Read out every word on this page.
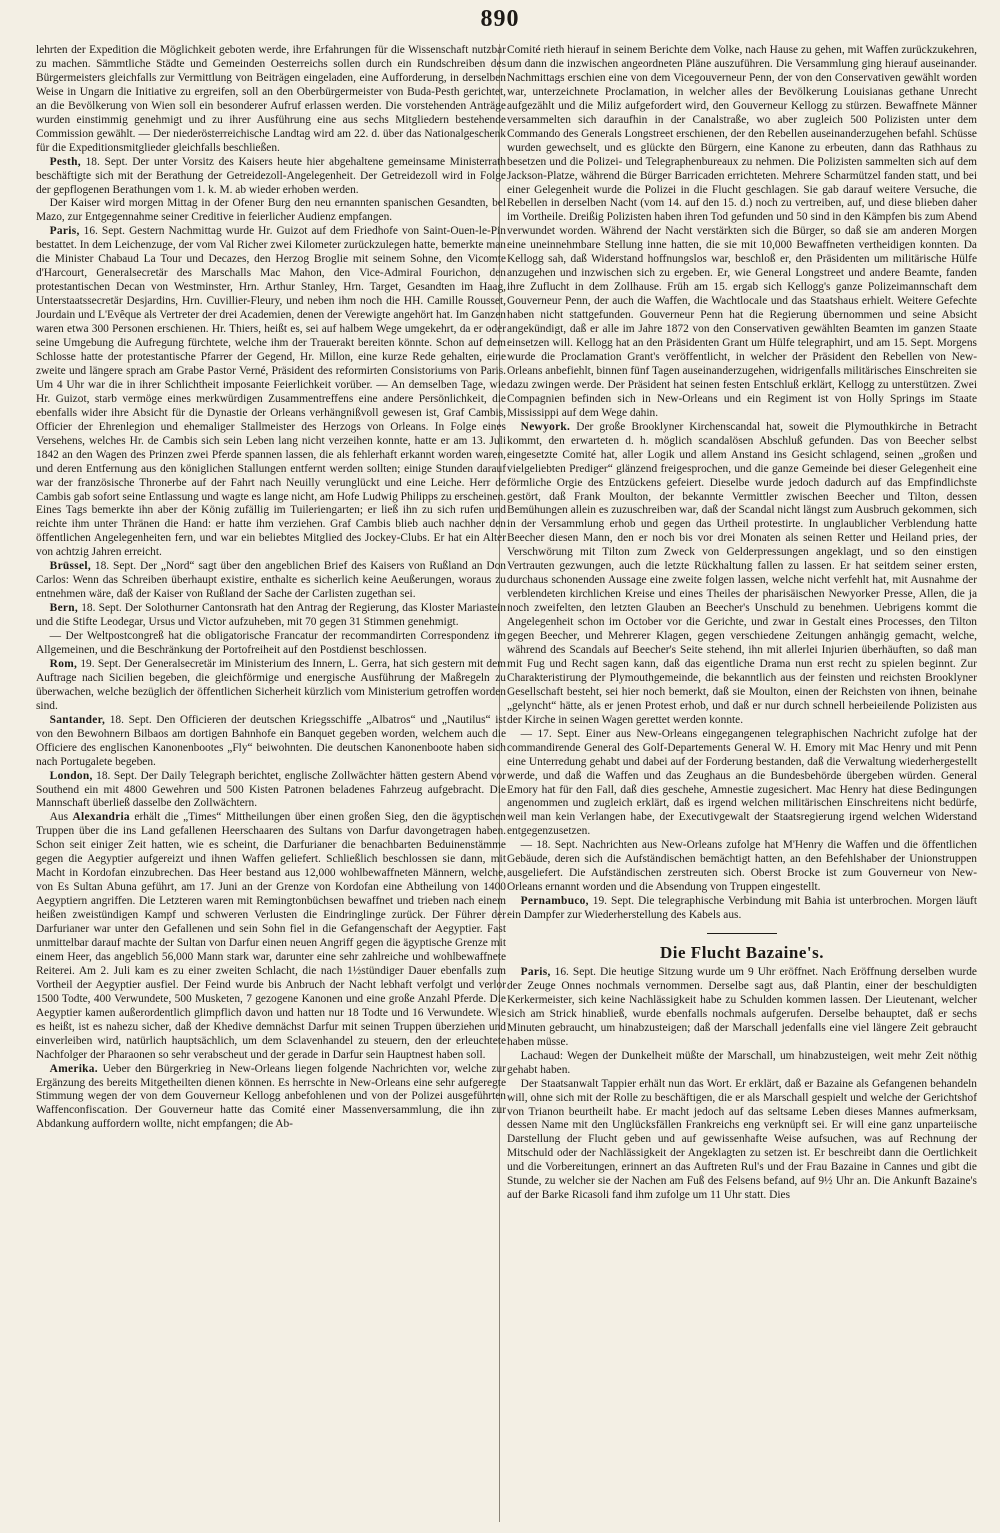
890

lehrten der Expedition die Möglichkeit geboten werde, ihre Erfahrungen für die Wissenschaft nutzbar zu machen. Sämmtliche Städte und Gemeinden Oesterreichs sollen durch ein Rundschreiben des Bürgermeisters gleichfalls zur Vermittlung von Beiträgen eingeladen, eine Aufforderung, in derselben Weise in Ungarn die Initiative zu ergreifen, soll an den Oberbürgermeister von Buda-Pesth gerichtet, an die Bevölkerung von Wien soll ein besonderer Aufruf erlassen werden. Die vorstehenden Anträge wurden einstimmig genehmigt und zu ihrer Ausführung eine aus sechs Mitgliedern bestehende Commission gewählt. — Der niederösterreichische Landtag wird am 22. d. über das Nationalgeschenk für die Expeditionsmitglieder gleichfalls beschließen.

Pesth, 18. Sept. Der unter Vorsitz des Kaisers heute hier abgehaltene gemeinsame Ministerrath beschäftigte sich mit der Berathung der Getreidezoll-Angelegenheit. Der Getreidezoll wird in Folge der gepflogenen Berathungen vom 1. k. M. ab wieder erhoben werden.

Der Kaiser wird morgen Mittag in der Ofener Burg den neu ernannten spanischen Gesandten, bel Mazo, zur Entgegennahme seiner Creditive in feierlicher Audienz empfangen.

Paris, 16. Sept. Gestern Nachmittag wurde Hr. Guizot auf dem Friedhofe von Saint-Ouen-le-Pin bestattet. In dem Leichenzuge, der vom Val Richer zwei Kilometer zurückzulegen hatte, bemerkte man die Minister Chabaud La Tour und Decazes, den Herzog Broglie mit seinem Sohne, den Vicomte d'Harcourt, Generalsecretär des Marschalls Mac Mahon, den Vice-Admiral Fourichon, den protestantischen Decan von Westminster, Hrn. Arthur Stanley, Hrn. Target, Gesandten im Haag, Unterstaatssecretär Desjardins, Hrn. Cuvillier-Fleury, und neben ihm noch die HH. Camille Rousset, Jourdain und L'Evêque als Vertreter der drei Academien, denen der Verewigte angehört hat. Im Ganzen waren etwa 300 Personen erschienen. Hr. Thiers, heißt es, sei auf halbem Wege umgekehrt, da er oder seine Umgebung die Aufregung fürchtete, welche ihm der Trauerakt bereiten könnte. Schon auf dem Schlosse hatte der protestantische Pfarrer der Gegend, Hr. Millon, eine kurze Rede gehalten, eine zweite und längere sprach am Grabe Pastor Verné, Präsident des reformirten Consistoriums von Paris. Um 4 Uhr war die in ihrer Schlichtheit imposante Feierlichkeit vorüber. — An demselben Tage, wie Hr. Guizot, starb vermöge eines merkwürdigen Zusammentreffens eine andere Persönlichkeit, die ebenfalls wider ihre Absicht für die Dynastie der Orleans verhängnißvoll gewesen ist, Graf Cambis, Officier der Ehrenlegion und ehemaliger Stallmeister des Herzogs von Orleans. In Folge eines Versehens, welches Hr. de Cambis sich sein Leben lang nicht verzeihen konnte, hatte er am 13. Juli 1842 an den Wagen des Prinzen zwei Pferde spannen lassen, die als fehlerhaft erkannt worden waren, und deren Entfernung aus den königlichen Stallungen entfernt werden sollten; einige Stunden darauf war der französische Thronerbe auf der Fahrt nach Neuilly verunglückt und eine Leiche. Herr de Cambis gab sofort seine Entlassung und wagte es lange nicht, am Hofe Ludwig Philipps zu erscheinen. Eines Tags bemerkte ihn aber der König zufällig im Tuileriengarten; er ließ ihn zu sich rufen und reichte ihm unter Thränen die Hand: er hatte ihm verziehen. Graf Cambis blieb auch nachher den öffentlichen Angelegenheiten fern, und war ein beliebtes Mitglied des Jockey-Clubs. Er hat ein Alter von achtzig Jahren erreicht.

Brüssel, 18. Sept. Der „Nord“ sagt über den angeblichen Brief des Kaisers von Rußland an Don Carlos: Wenn das Schreiben überhaupt existire, enthalte es sicherlich keine Aeußerungen, woraus zu entnehmen wäre, daß der Kaiser von Rußland der Sache der Carlisten zugethan sei.

Bern, 18. Sept. Der Solothurner Cantonsrath hat den Antrag der Regierung, das Kloster Mariastein und die Stifte Leodegar, Ursus und Victor aufzuheben, mit 70 gegen 31 Stimmen genehmigt.

— Der Weltpostcongreß hat die obligatorische Francatur der recommandirten Correspondenz im Allgemeinen, und die Beschränkung der Portofreiheit auf den Postdienst beschlossen.

Rom, 19. Sept. Der Generalsecretär im Ministerium des Innern, L. Gerra, hat sich gestern mit dem Auftrage nach Sicilien begeben, die gleichförmige und energische Ausführung der Maßregeln zu überwachen, welche bezüglich der öffentlichen Sicherheit kürzlich vom Ministerium getroffen worden sind.

Santander, 18. Sept. Den Officieren der deutschen Kriegsschiffe „Albatros“ und „Nautilus“ ist von den Bewohnern Bilbaos am dortigen Bahnhofe ein Banquet gegeben worden, welchem auch die Officiere des englischen Kanonenbootes „Fly“ beiwohnten. Die deutschen Kanonenboote haben sich nach Portugalete begeben.

London, 18. Sept. Der Daily Telegraph berichtet, englische Zollwächter hätten gestern Abend vor Southend ein mit 4800 Gewehren und 500 Kisten Patronen beladenes Fahrzeug aufgebracht. Die Mannschaft überließ dasselbe den Zollwächtern.

Aus Alexandria erhält die „Times“ Mittheilungen über einen großen Sieg, den die ägyptischen Truppen über die ins Land gefallenen Heerschaaren des Sultans von Darfur davongetragen haben. Schon seit einiger Zeit hatten, wie es scheint, die Darfurianer die benachbarten Beduinenstämme gegen die Aegyptier aufgereizt und ihnen Waffen geliefert. Schließlich beschlossen sie dann, mit Macht in Kordofan einzubrechen. Das Heer bestand aus 12,000 wohlbewaffneten Männern, welche, von Es Sultan Abuna geführt, am 17. Juni an der Grenze von Kordofan eine Abtheilung von 1400 Aegyptiern angriffen. Die Letzteren waren mit Remingtonbüchsen bewaffnet und trieben nach einem heißen zweistündigen Kampf und schweren Verlusten die Eindringlinge zurück. Der Führer der Darfurianer war unter den Gefallenen und sein Sohn fiel in die Gefangenschaft der Aegyptier. Fast unmittelbar darauf machte der Sultan von Darfur einen neuen Angriff gegen die ägyptische Grenze mit einem Heer, das angeblich 56,000 Mann stark war, darunter eine sehr zahlreiche und wohlbewaffnete Reiterei. Am 2. Juli kam es zu einer zweiten Schlacht, die nach 1½stündiger Dauer ebenfalls zum Vortheil der Aegyptier ausfiel. Der Feind wurde bis Anbruch der Nacht lebhaft verfolgt und verlor 1500 Todte, 400 Verwundete, 500 Musketen, 7 gezogene Kanonen und eine große Anzahl Pferde. Die Aegyptier kamen außerordentlich glimpflich davon und hatten nur 18 Todte und 16 Verwundete. Wie es heißt, ist es nahezu sicher, daß der Khedive demnächst Darfur mit seinen Truppen überziehen und einverleiben wird, natürlich hauptsächlich, um dem Sclavenhandel zu steuern, den der erleuchtete Nachfolger der Pharaonen so sehr verabscheut und der gerade in Darfur sein Hauptnest haben soll.

Amerika. Ueber den Bürgerkrieg in New-Orleans liegen folgende Nachrichten vor, welche zur Ergänzung des bereits Mitgetheilten dienen können. Es herrschte in New-Orleans eine sehr aufgeregte Stimmung wegen der von dem Gouverneur Kellogg anbefohlenen und von der Polizei ausgeführten Waffenconfiscation. Der Gouverneur hatte das Comité einer Massenversammlung, die ihn zur Abdankung auffordern wollte, nicht empfangen; die Ab-

Comité rieth hierauf in seinem Berichte dem Volke, nach Hause zu gehen, mit Waffen zurückzukehren, um dann die inzwischen angeordneten Pläne auszuführen. Die Versammlung ging hierauf auseinander. Nachmittags erschien eine von dem Vicegouverneur Penn, der von den Conservativen gewählt worden war, unterzeichnete Proclamation, in welcher alles der Bevölkerung Louisianas gethane Unrecht aufgezählt und die Miliz aufgefordert wird, den Gouverneur Kellogg zu stürzen. Bewaffnete Männer versammelten sich daraufhin in der Canalstraße, wo aber zugleich 500 Polizisten unter dem Commando des Generals Longstreet erschienen, der den Rebellen auseinanderzugehen befahl. Schüsse wurden gewechselt, und es glückte den Bürgern, eine Kanone zu erbeuten, dann das Rathhaus zu besetzen und die Polizei- und Telegraphenbureaux zu nehmen. Die Polizisten sammelten sich auf dem Jackson-Platze, während die Bürger Barricaden errichteten. Mehrere Scharmützel fanden statt, und bei einer Gelegenheit wurde die Polizei in die Flucht geschlagen. Sie gab darauf weitere Versuche, die Rebellen in derselben Nacht (vom 14. auf den 15. d.) noch zu vertreiben, auf, und diese blieben daher im Vortheile. Dreißig Polizisten haben ihren Tod gefunden und 50 sind in den Kämpfen bis zum Abend verwundet worden. Während der Nacht verstärkten sich die Bürger, so daß sie am anderen Morgen eine uneinnehmbare Stellung inne hatten, die sie mit 10,000 Bewaffneten vertheidigen konnten. Da Kellogg sah, daß Widerstand hoffnungslos war, beschloß er, den Präsidenten um militärische Hülfe anzugehen und inzwischen sich zu ergeben. Er, wie General Longstreet und andere Beamte, fanden ihre Zuflucht in dem Zollhause. Früh am 15. ergab sich Kellogg's ganze Polizeimannschaft dem Gouverneur Penn, der auch die Waffen, die Wachtlocale und das Staatshaus erhielt. Weitere Gefechte haben nicht stattgefunden. Gouverneur Penn hat die Regierung übernommen und seine Absicht angekündigt, daß er alle im Jahre 1872 von den Conservativen gewählten Beamten im ganzen Staate einsetzen will. Kellogg hat an den Präsidenten Grant um Hülfe telegraphirt, und am 15. Sept. Morgens wurde die Proclamation Grant's veröffentlicht, in welcher der Präsident den Rebellen von New-Orleans anbefiehlt, binnen fünf Tagen auseinanderzugehen, widrigenfalls militärisches Einschreiten sie dazu zwingen werde. Der Präsident hat seinen festen Entschluß erklärt, Kellogg zu unterstützen. Zwei Compagnien befinden sich in New-Orleans und ein Regiment ist von Holly Springs im Staate Mississippi auf dem Wege dahin.

Newyork. Der große Brooklyner Kirchenscandal hat, soweit die Plymouthkirche in Betracht kommt, den erwarteten d. h. möglich scandalösen Abschluß gefunden. Das von Beecher selbst eingesetzte Comité hat, aller Logik und allem Anstand ins Gesicht schlagend, seinen „großen und vielgeliebten Prediger“ glänzend freigesprochen, und die ganze Gemeinde bei dieser Gelegenheit eine förmliche Orgie des Entzückens gefeiert. Dieselbe wurde jedoch dadurch auf das Empfindlichste gestört, daß Frank Moulton, der bekannte Vermittler zwischen Beecher und Tilton, dessen Bemühungen allein es zuzuschreiben war, daß der Scandal nicht längst zum Ausbruch gekommen, sich in der Versammlung erhob und gegen das Urtheil protestirte. In unglaublicher Verblendung hatte Beecher diesen Mann, den er noch bis vor drei Monaten als seinen Retter und Heiland pries, der Verschwörung mit Tilton zum Zweck von Gelderpressungen angeklagt, und so den einstigen Vertrauten gezwungen, auch die letzte Rückhaltung fallen zu lassen. Er hat seitdem seiner ersten, durchaus schonenden Aussage eine zweite folgen lassen, welche nicht verfehlt hat, mit Ausnahme der verblendeten kirchlichen Kreise und eines Theiles der pharisäischen Newyorker Presse, Allen, die ja noch zweifelten, den letzten Glauben an Beecher's Unschuld zu benehmen. Uebrigens kommt die Angelegenheit schon im October vor die Gerichte, und zwar in Gestalt eines Processes, den Tilton gegen Beecher, und Mehrerer Klagen, gegen verschiedene Zeitungen anhängig gemacht, welche, während des Scandals auf Beecher's Seite stehend, ihn mit allerlei Injurien überhäuften, so daß man mit Fug und Recht sagen kann, daß das eigentliche Drama nun erst recht zu spielen beginnt. Zur Charakteristirung der Plymouthgemeinde, die bekanntlich aus der feinsten und reichsten Brooklyner Gesellschaft besteht, sei hier noch bemerkt, daß sie Moulton, einen der Reichsten von ihnen, beinahe „gelyncht“ hätte, als er jenen Protest erhob, und daß er nur durch schnell herbeieilende Polizisten aus der Kirche in seinen Wagen gerettet werden konnte.

— 17. Sept. Einer aus New-Orleans eingegangenen telegraphischen Nachricht zufolge hat der commandirende General des Golf-Departements General W. H. Emory mit Mac Henry und mit Penn eine Unterredung gehabt und dabei auf der Forderung bestanden, daß die Verwaltung wiederhergestellt werde, und daß die Waffen und das Zeughaus an die Bundesbehörde übergeben würden. General Emory hat für den Fall, daß dies geschehe, Amnestie zugesichert. Mac Henry hat diese Bedingungen angenommen und zugleich erklärt, daß es irgend welchen militärischen Einschreitens nicht bedürfe, weil man kein Verlangen habe, der Executivgewalt der Staatsregierung irgend welchen Widerstand entgegenzusetzen.

— 18. Sept. Nachrichten aus New-Orleans zufolge hat M'Henry die Waffen und die öffentlichen Gebäude, deren sich die Aufständischen bemächtigt hatten, an den Befehlshaber der Unionstruppen ausgeliefert. Die Aufständischen zerstreuten sich. Oberst Brocke ist zum Gouverneur von New-Orleans ernannt worden und die Absendung von Truppen eingestellt.

Pernambuco, 19. Sept. Die telegraphische Verbindung mit Bahia ist unterbrochen. Morgen läuft ein Dampfer zur Wiederherstellung des Kabels aus.

Die Flucht Bazaine's.

Paris, 16. Sept. Die heutige Sitzung wurde um 9 Uhr eröffnet. Nach Eröffnung derselben wurde der Zeuge Onnes nochmals vernommen. Derselbe sagt aus, daß Plantin, einer der beschuldigten Kerkermeister, sich keine Nachlässigkeit habe zu Schulden kommen lassen. Der Lieutenant, welcher sich am Strick hinabließ, wurde ebenfalls nochmals aufgerufen. Derselbe behauptet, daß er sechs Minuten gebraucht, um hinabzusteigen; daß der Marschall jedenfalls eine viel längere Zeit gebraucht haben müsse.

Lachaud: Wegen der Dunkelheit müßte der Marschall, um hinabzusteigen, weit mehr Zeit nöthig gehabt haben.

Der Staatsanwalt Tappier erhält nun das Wort. Er erklärt, daß er Bazaine als Gefangenen behandeln will, ohne sich mit der Rolle zu beschäftigen, die er als Marschall gespielt und welche der Gerichtshof von Trianon beurtheilt habe. Er macht jedoch auf das seltsame Leben dieses Mannes aufmerksam, dessen Name mit den Unglücksfällen Frankreichs eng verknüpft sei. Er will eine ganz unparteiische Darstellung der Flucht geben und auf gewissenhafte Weise aufsuchen, was auf Rechnung der Mitschuld oder der Nachlässigkeit der Angeklagten zu setzen ist. Er beschreibt dann die Oertlichkeit und die Vorbereitungen, erinnert an das Auftreten Rul's und der Frau Bazaine in Cannes und gibt die Stunde, zu welcher sie der Nachen am Fuß des Felsens befand, auf 9½ Uhr an. Die Ankunft Bazaine's auf der Barke Ricasoli fand ihm zufolge um 11 Uhr statt. Dies
